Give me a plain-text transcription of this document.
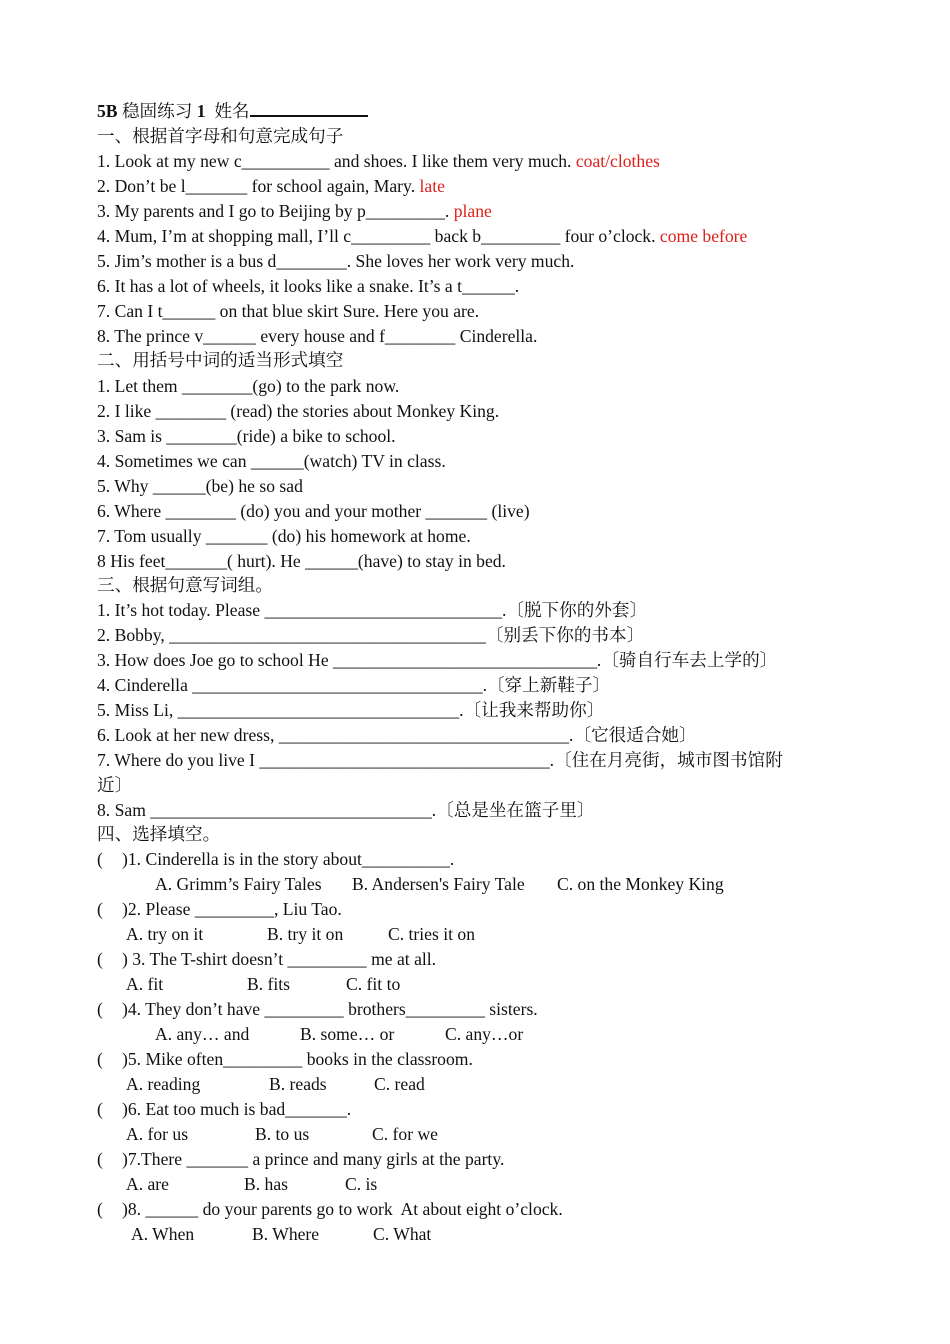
5B 稳固练习 1  姓名
一、根据首字母和句意完成句子
1. Look at my new c__________ and shoes. I like them very much. coat/clothes
2. Don’t be l_______ for school again, Mary. late
3. My parents and I go to Beijing by p_________. plane
4. Mum, I’m at shopping mall, I’ll c_________ back b_________ four o’clock. come before
5. Jim’s mother is a bus d________. She loves her work very much.
6. It has a lot of wheels, it looks like a snake. It’s a t______.
7. Can I t______ on that blue skirt Sure. Here you are.
8. The prince v______ every house and f________ Cinderella.
二、用括号中词的适当形式填空
1. Let them ________(go) to the park now.
2. I like ________ (read) the stories about Monkey King.
3. Sam is ________(ride) a bike to school.
4. Sometimes we can ______(watch) TV in class.
5. Why ______(be) he so sad
6. Where ________ (do) you and your mother _______ (live)
7. Tom usually _______ (do) his homework at home.
8 His feet_______( hurt). He ______(have) to stay in bed.
三、根据句意写词组。
1. It’s hot today. Please ___________________________.〔脱下你的外套〕
2. Bobby, ____________________________________〔别丢下你的书本〕
3. How does Joe go to school He ______________________________.〔骑自行车去上学的〕
4. Cinderella _________________________________.〔穿上新鞋子〕
5. Miss Li, ________________________________.〔让我来帮助你〕
6. Look at her new dress, _________________________________.〔它很适合她〕
7. Where do you live I _________________________________.〔住在月亮街，城市图书馆附
近〕
8. Sam ________________________________.〔总是坐在篮子里〕
四、选择填空。
( )1. Cinderella is in the story about__________.
A. Grimm’s Fairy Tales B. Andersen's Fairy Tale C. on the Monkey King
( )2. Please _________, Liu Tao.
A. try on it	B. try it on	C. tries it on
( ) 3. The T-shirt doesn’t _________ me at all.
A. fit	B. fits	C. fit to
( )4. They don’t have _________ brothers_________ sisters.
A. any… and	B. some… or	C. any…or
( )5. Mike often_________ books in the classroom.
A. reading	B. reads	C. read
( )6. Eat too much is bad_______.
A. for us	B. to us	C. for we
( )7.There _______ a prince and many girls at the party.
A. are	B. has	C. is
( )8. ______ do your parents go to work  At about eight o’clock.
A. When	B. Where	C. What
